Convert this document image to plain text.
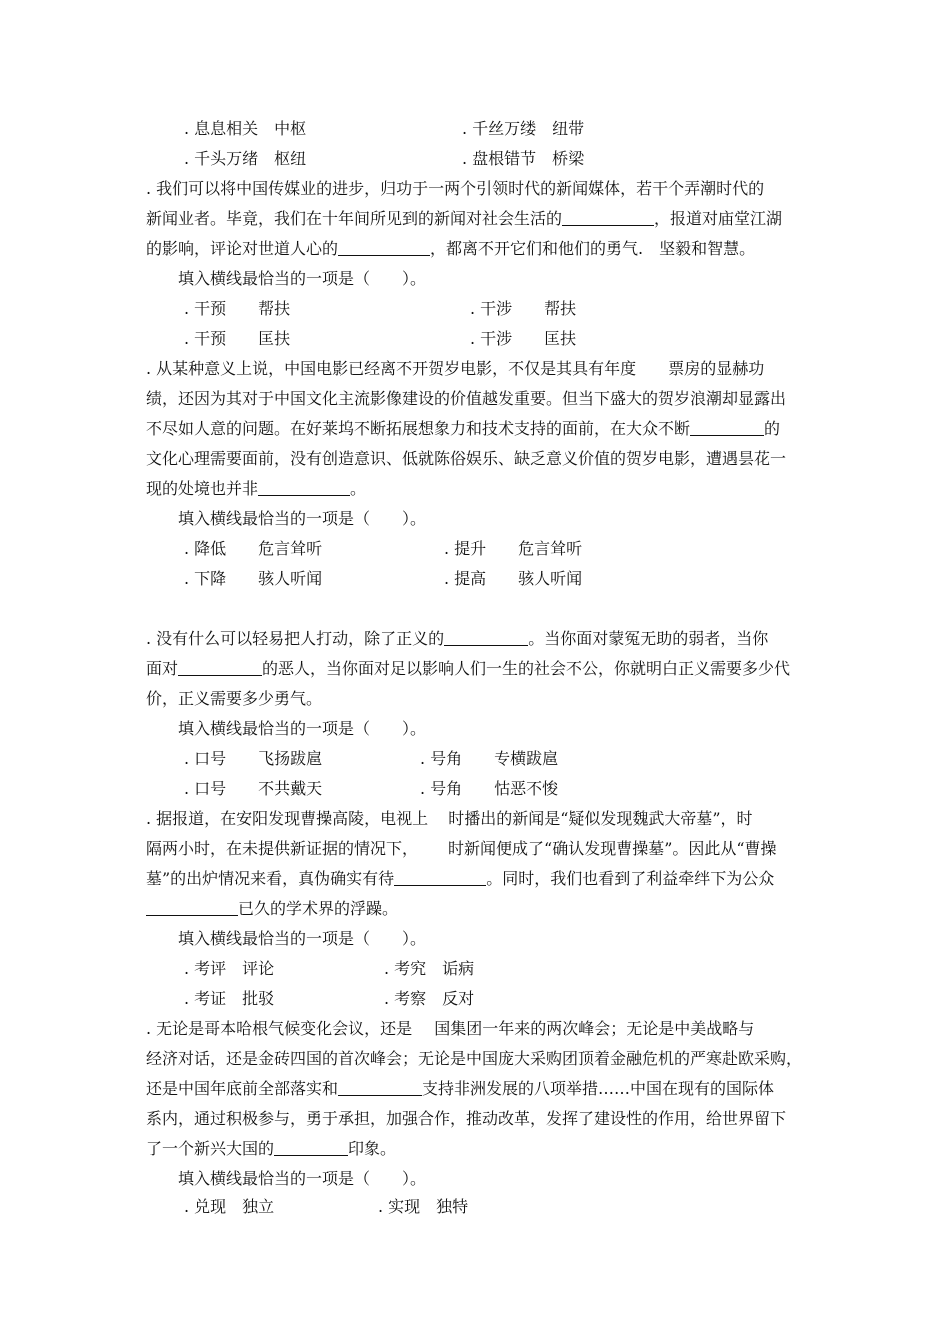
. 息息相关　中枢	. 千丝万缕　纽带
. 千头万绪　枢纽	. 盘根错节　桥梁
. 我们可以将中国传媒业的进步，归功于一两个引领时代的新闻媒体，若干个弄潮时代的
新闻业者。毕竟，我们在十年间所见到的新闻对社会生活的	，报道对庙堂江湖
的影响，评论对世道人心的	，都离不开它们和他们的勇气.　坚毅和智慧。
填入横线最恰当的一项是（　　）。
. 干预　　帮扶	. 干涉　　帮扶
. 干预　　匡扶	. 干涉　　匡扶
. 从某种意义上说，中国电影已经离不开贺岁电影，不仅是其具有年度 票房的显赫功
绩，还因为其对于中国文化主流影像建设的价值越发重要。但当下盛大的贺岁浪潮却显露出
不尽如人意的问题。在好莱坞不断拓展想象力和技术支持的面前，在大众不断	的
文化心理需要面前，没有创造意识、低就陈俗娱乐、缺乏意义价值的贺岁电影，遭遇昙花一
现的处境也并非	。
填入横线最恰当的一项是（　　）。
. 降低　　危言耸听	. 提升　　危言耸听
. 下降　　骇人听闻	. 提高　　骇人听闻
. 没有什么可以轻易把人打动，除了正义的	。当你面对蒙冤无助的弱者，当你
面对	的恶人，当你面对足以影响人们一生的社会不公，你就明白正义需要多少代
价，正义需要多少勇气。
填入横线最恰当的一项是（　　）。
. 口号　　飞扬跋扈	. 号角　　专横跋扈
. 口号　　不共戴天	. 号角　　怙恶不悛
. 据报道，在安阳发现曹操高陵，电视上 时播出的新闻是“疑似发现魏武大帝墓”，时
隔两小时，在未提供新证据的情况下， 时新闻便成了“确认发现曹操墓”。因此从“曹操
墓”的出炉情况来看，真伪确实有待	。同时，我们也看到了利益牵绊下为公众
已久的学术界的浮躁。
填入横线最恰当的一项是（　　）。
. 考评　评论	. 考究　诟病
. 考证　批驳	. 考察　反对
. 无论是哥本哈根气候变化会议，还是 国集团一年来的两次峰会；无论是中美战略与
经济对话，还是金砖四国的首次峰会；无论是中国庞大采购团顶着金融危机的严寒赴欧采购，
还是中国年底前全部落实和	支持非洲发展的八项举措……中国在现有的国际体
系内，通过积极参与，勇于承担，加强合作，推动改革，发挥了建设性的作用，给世界留下
了一个新兴大国的	印象。
填入横线最恰当的一项是（　　）。
. 兑现　独立	. 实现　独特
